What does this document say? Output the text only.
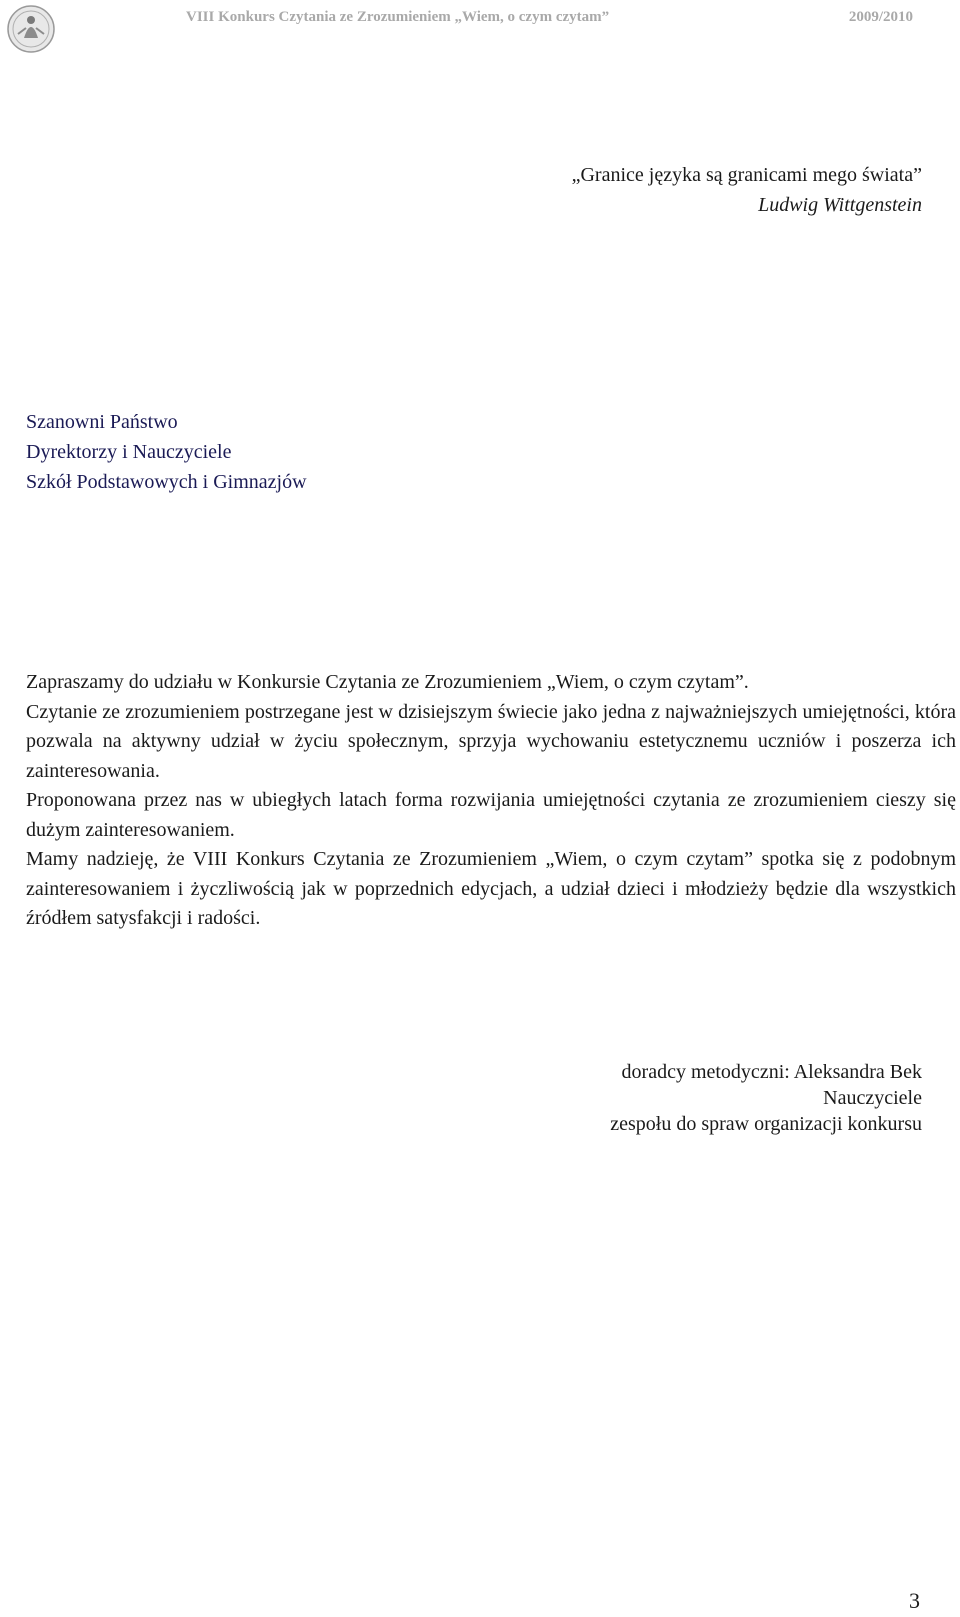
VIII Konkurs Czytania ze Zrozumieniem „Wiem, o czym czytam”	2009/2010
„Granice języka są granicami mego świata”
Ludwig Wittgenstein
Szanowni Państwo
Dyrektorzy i Nauczyciele
Szkół Podstawowych i Gimnazjów

Zapraszamy do udziału w Konkursie Czytania ze Zrozumieniem „Wiem, o czym czytam”.
Czytanie ze zrozumieniem postrzegane jest w dzisiejszym świecie jako jedna z najważniejszych umiejętności, która pozwala na aktywny udział w życiu społecznym, sprzyja wychowaniu estetycznemu uczniów i poszerza ich zainteresowania.

Proponowana przez nas w ubiegłych latach forma rozwijania umiejętności czytania ze zrozumieniem cieszy się dużym zainteresowaniem.

Mamy nadzieję, że VIII Konkurs Czytania ze Zrozumieniem „Wiem, o czym czytam” spotka się z podobnym zainteresowaniem i życzliwością jak w poprzednich edycjach, a udział dzieci i młodzieży będzie dla wszystkich źródłem satysfakcji i radości.

doradcy metodyczni: Aleksandra Bek
Nauczyciele
zespołu do spraw organizacji konkursu
3
